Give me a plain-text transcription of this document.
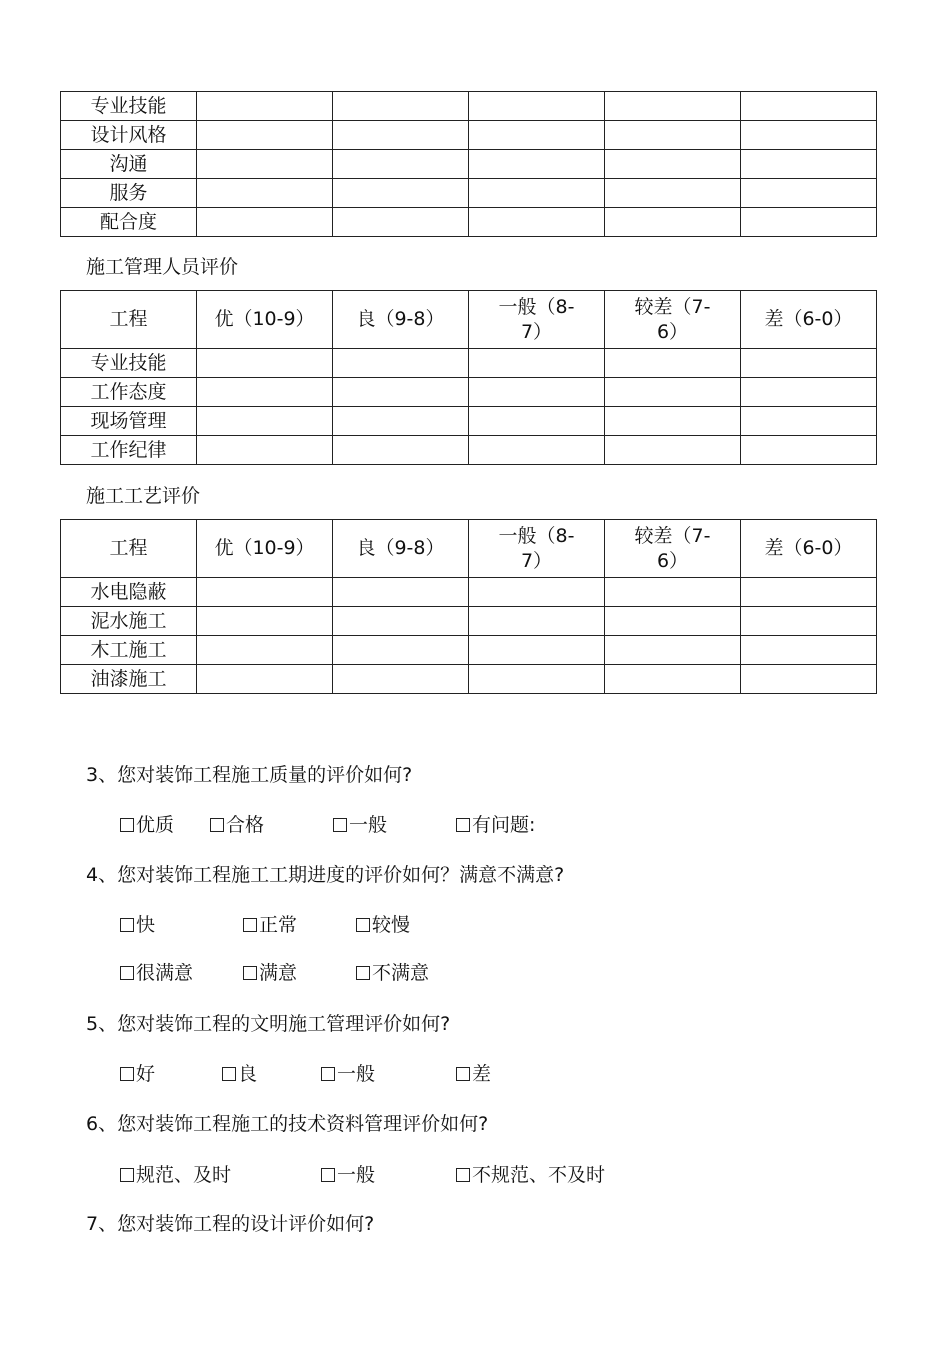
专业技能					
设计风格					
沟通					
服务					
配合度					
施工管理人员评价
工程	优（10-9）	良（9-8）	一般（8-7）	较差（7-6）	差（6-0）
专业技能					
工作态度					
现场管理					
工作纪律					
施工工艺评价
工程	优（10-9）	良（9-8）	一般（8-7）	较差（7-6）	差（6-0）
水电隐蔽					
泥水施工					
木工施工					
油漆施工					
3、您对装饰工程施工质量的评价如何?
优质	合格	一般	有问题:
4、您对装饰工程施工工期进度的评价如何？满意不满意?
快	正常	较慢
很满意	满意	不满意
5、您对装饰工程的文明施工管理评价如何?
好	良	一般	差
6、您对装饰工程施工的技术资料管理评价如何?
规范、及时	一般	不规范、不及时
7、您对装饰工程的设计评价如何?
